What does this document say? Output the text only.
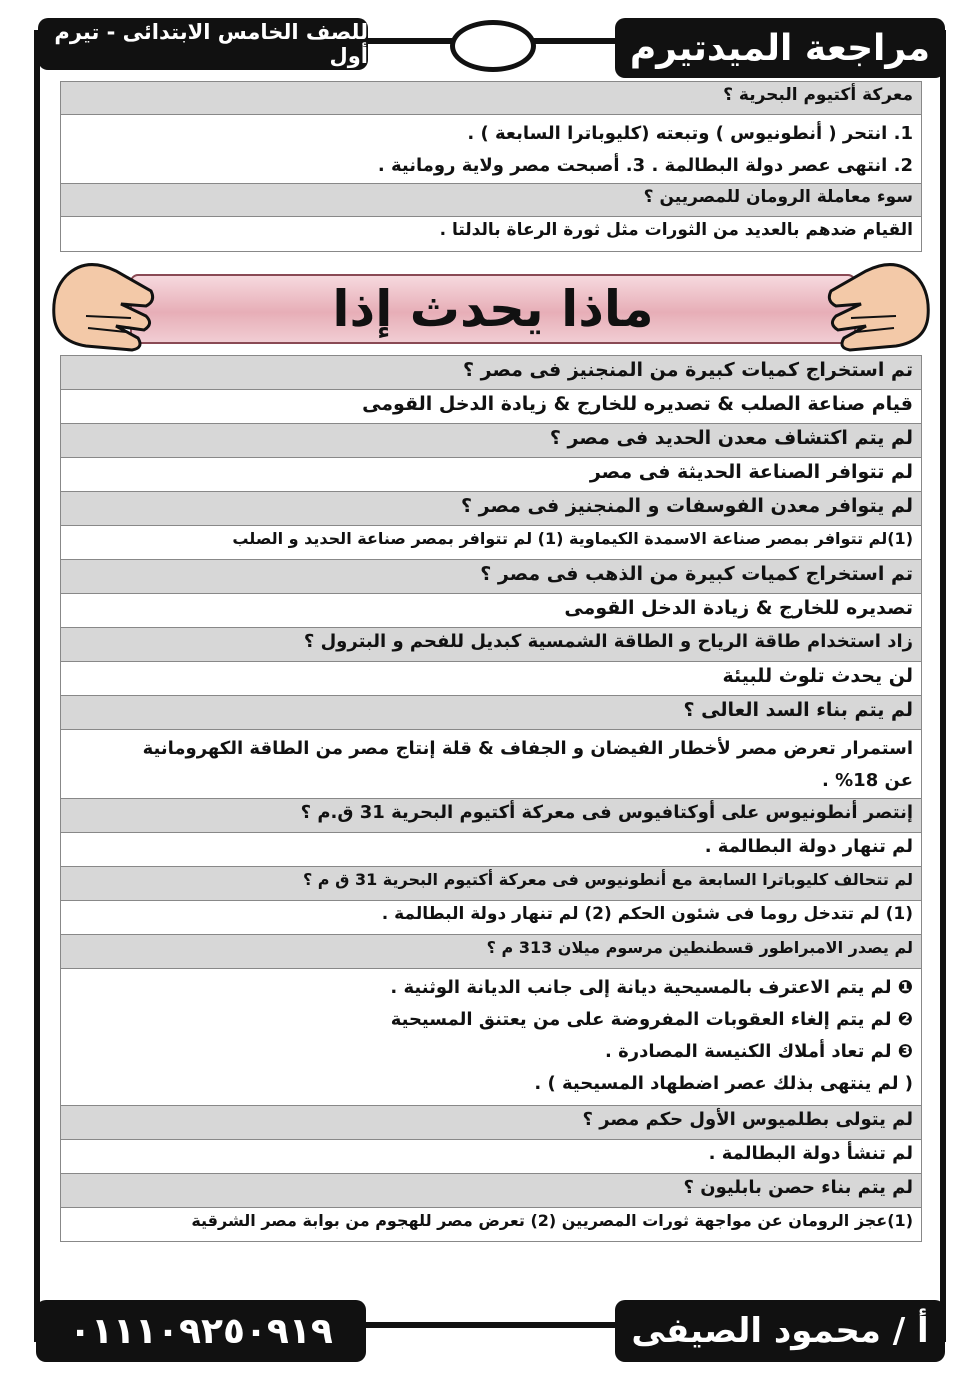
مراجعة الميدتيرم
للصف الخامس الابتدائى - تيرم أول
ماذا يحدث إذا
معركة أكتيوم البحرية ؟
1. انتحر ( أنطونيوس ) وتبعته (كليوباترا السابعة ) .
2. انتهى عصر دولة البطالمة . 3. أصبحت مصر ولاية رومانية .
سوء معاملة الرومان للمصريين ؟
القيام ضدهم بالعديد من الثورات مثل ثورة الرعاة بالدلتا .
تم استخراج كميات كبيرة من المنجنيز فى مصر ؟
قيام صناعة الصلب & تصديره للخارج & زيادة الدخل القومى
لم يتم اكتشاف معدن الحديد فى مصر ؟
لم تتوافر الصناعة الحديثة فى مصر
لم يتوافر معدن الفوسفات و المنجنيز فى مصر ؟
(1)لم تتوافر بمصر صناعة الاسمدة الكيماوية (1) لم تتوافر بمصر صناعة الحديد و الصلب
تم استخراج كميات كبيرة من الذهب فى مصر ؟
تصديره للخارج & زيادة الدخل القومى
زاد استخدام طاقة الرياح و الطاقة الشمسية كبديل للفحم و البترول ؟
لن يحدث تلوث للبيئة
لم يتم بناء السد العالى ؟
استمرار تعرض مصر لأخطار الفيضان و الجفاف & قلة إنتاج مصر من الطاقة الكهرومانية
عن 18% .
إنتصر أنطونيوس على أوكتافيوس فى معركة أكتيوم البحرية 31 ق.م ؟
لم تنهار دولة البطالمة .
لم تتحالف كليوباترا السابعة مع أنطونيوس فى معركة أكتيوم البحرية 31 ق م ؟
(1) لم تتدخل روما فى شئون الحكم (2) لم تنهار دولة البطالمة .
لم يصدر الامبراطور قسطنطين مرسوم ميلان 313 م ؟
❶ لم يتم الاعترف بالمسيحية ديانة إلى جانب الديانة الوثنية .
❷ لم يتم إلغاء العقوبات المفروضة على من يعتنق المسيحية
❸ لم تعاد أملاك الكنيسة المصادرة .
( لم ينتهى بذلك عصر اضطهاد المسيحية ) .
لم يتولى بطلميوس الأول حكم مصر ؟
لم تنشأ دولة البطالمة .
لم يتم بناء حصن بابليون ؟
(1)عجز الرومان عن مواجهة ثورات المصريين (2) تعرض مصر للهجوم من بوابة مصر الشرقية
أ / محمود الصيفى
٠١١١٠٩٢٥٠٩١٩
